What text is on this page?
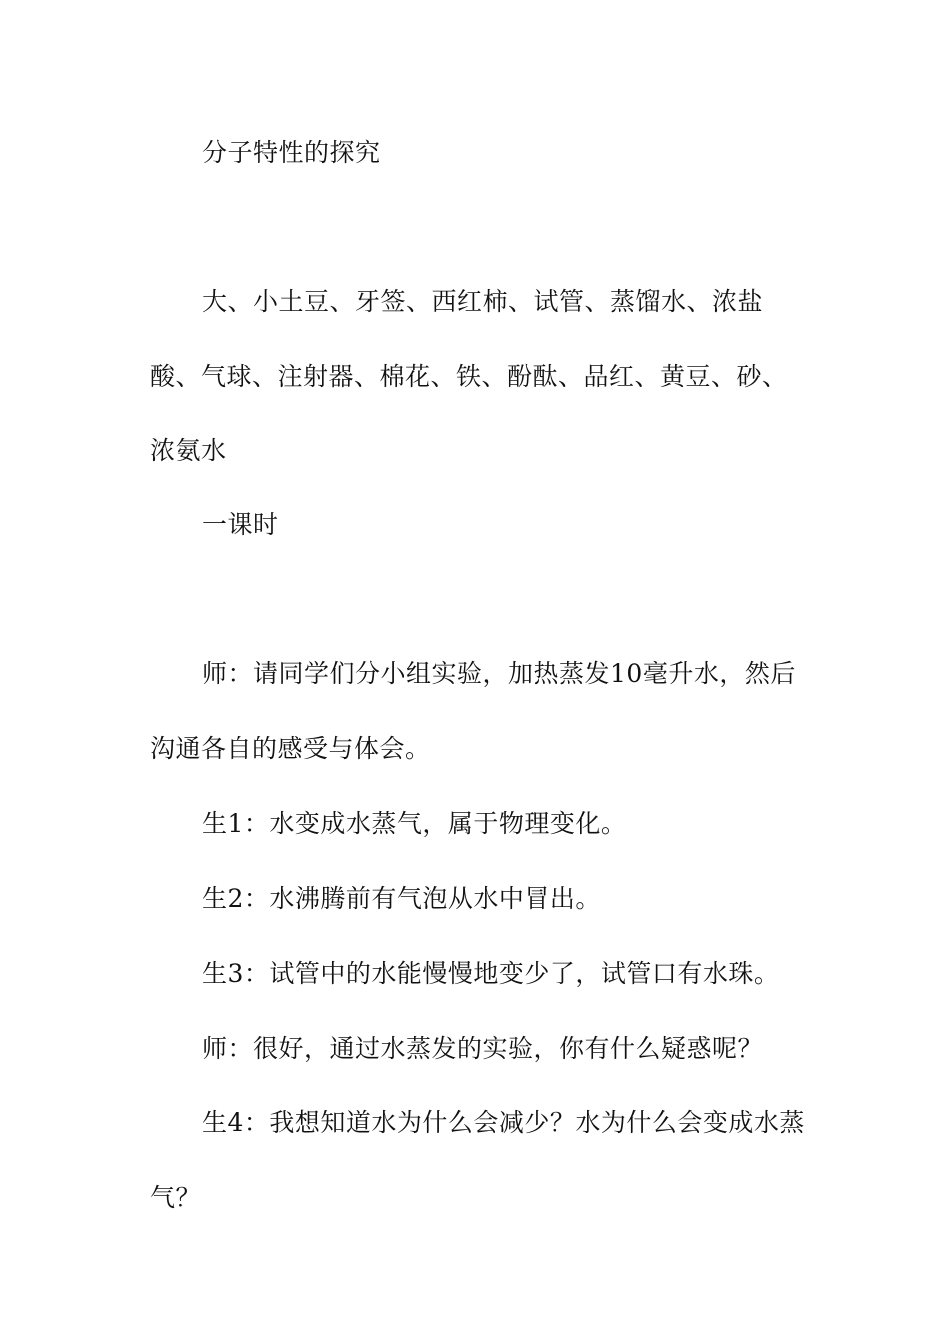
分子特性的探究
大、小土豆、牙签、西红柿、试管、蒸馏水、浓盐
酸、气球、注射器、棉花、铁、酚酞、品红、黄豆、砂、
浓氨水
一课时
师：请同学们分小组实验，加热蒸发10毫升水，然后
沟通各自的感受与体会。
生1：水变成水蒸气，属于物理变化。
生2：水沸腾前有气泡从水中冒出。
生3：试管中的水能慢慢地变少了，试管口有水珠。
师：很好，通过水蒸发的实验，你有什么疑惑呢？
生4：我想知道水为什么会减少？水为什么会变成水蒸
气？
